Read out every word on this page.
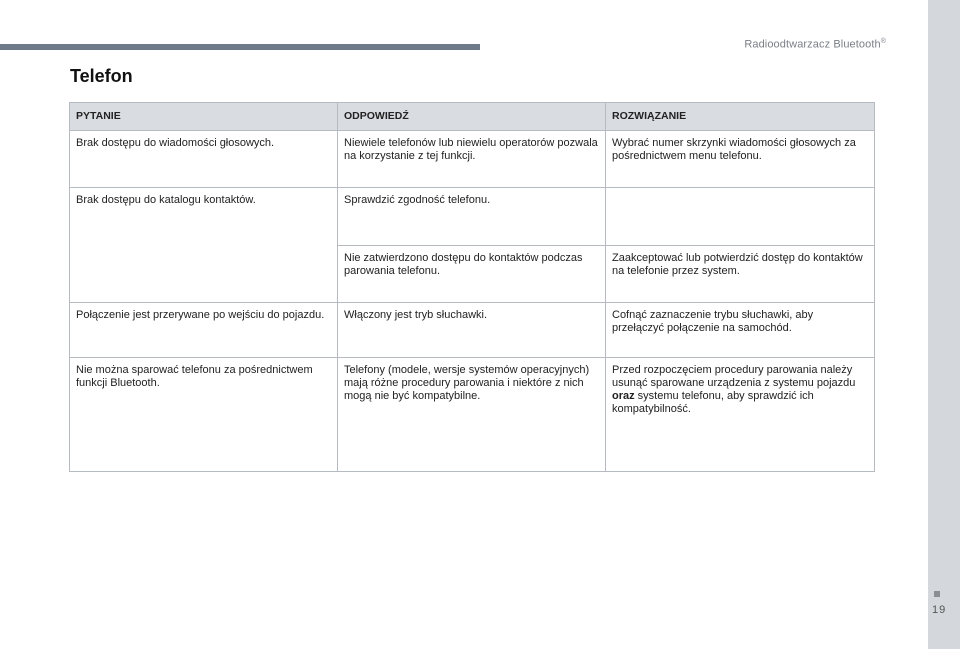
Radioodtwarzacz Bluetooth®
Telefon
PYTANIE	ODPOWIEDŹ	ROZWIĄZANIE
Brak dostępu do wiadomości głosowych.	Niewiele telefonów lub niewielu operatorów pozwala na korzystanie z tej funkcji.	Wybrać numer skrzynki wiadomości głosowych za pośrednictwem menu telefonu.
Brak dostępu do katalogu kontaktów.	Sprawdzić zgodność telefonu.	
	Nie zatwierdzono dostępu do kontaktów podczas parowania telefonu.	Zaakceptować lub potwierdzić dostęp do kontaktów na telefonie przez system.
Połączenie jest przerywane po wejściu do pojazdu.	Włączony jest tryb słuchawki.	Cofnąć zaznaczenie trybu słuchawki, aby przełączyć połączenie na samochód.
Nie można sparować telefonu za pośrednictwem funkcji Bluetooth.	Telefony (modele, wersje systemów operacyjnych) mają różne procedury parowania i niektóre z nich mogą nie być kompatybilne.	Przed rozpoczęciem procedury parowania należy usunąć sparowane urządzenia z systemu pojazdu oraz systemu telefonu, aby sprawdzić ich kompatybilność.
19
